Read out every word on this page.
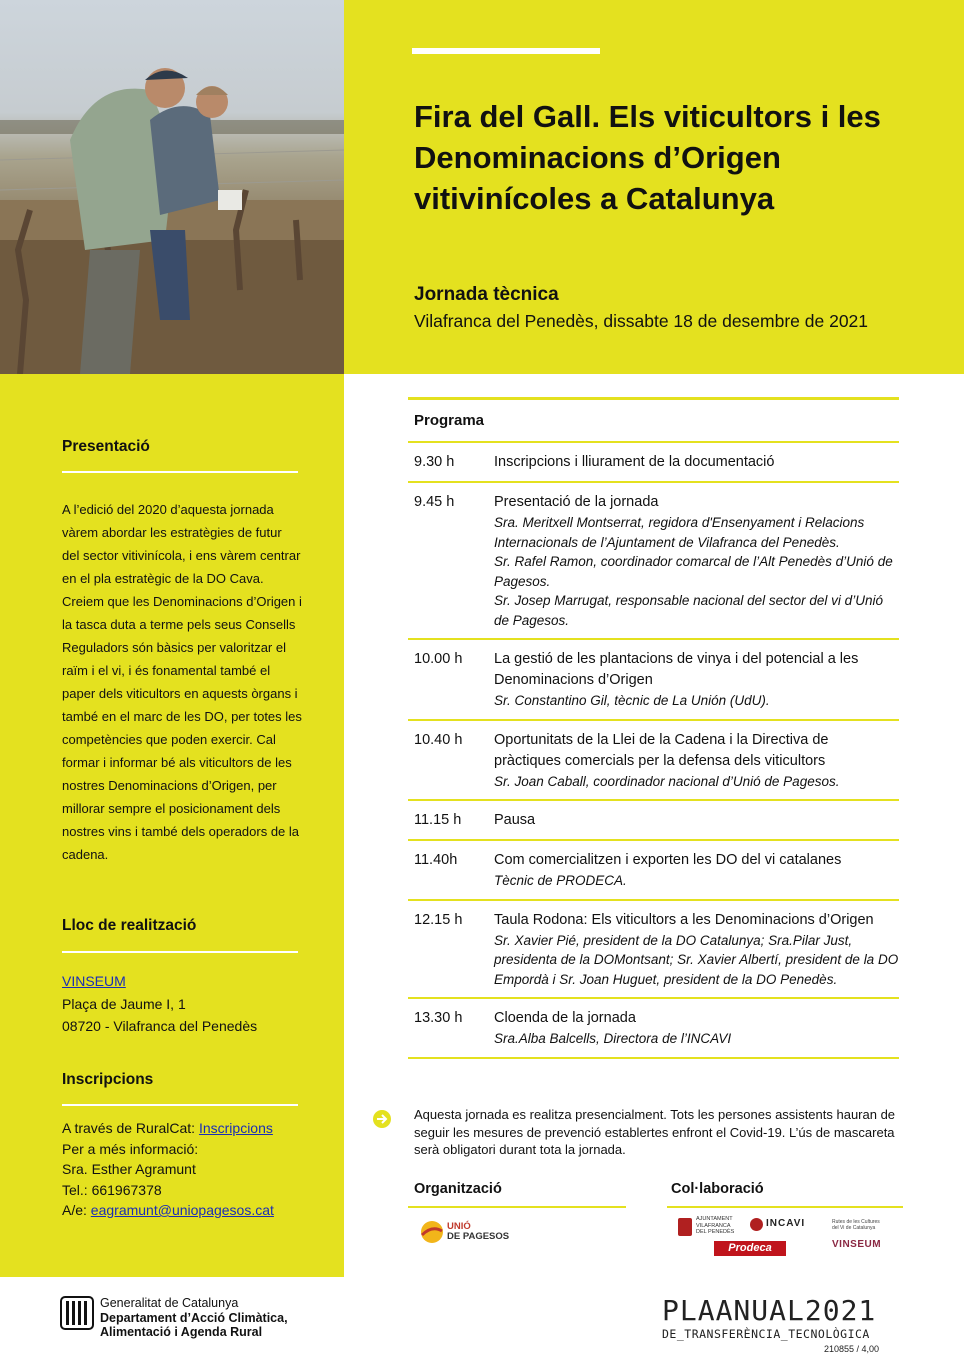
Fira del Gall. Els viticultors i les Denominacions d’Origen vitivinícoles a Catalunya
Jornada tècnica
Vilafranca del Penedès, dissabte 18 de desembre de 2021
Presentació
A l’edició del 2020 d’aquesta jornada vàrem abordar les estratègies de futur del sector vitivinícola, i ens vàrem centrar en el pla estratègic de la DO Cava. Creiem que les Denominacions d’Origen i la tasca duta a terme pels seus Consells Reguladors són bàsics per valoritzar el raïm i el vi, i és fonamental també el paper dels viticultors en aquests òrgans i també en el marc de les DO, per totes les competències que poden exercir. Cal formar i informar bé als viticultors de les nostres Denominacions d’Origen, per millorar sempre el posicionament dels nostres vins i també dels operadors de la cadena.
Lloc de realització
VINSEUM
Plaça de Jaume I, 1
08720 - Vilafranca del Penedès
Inscripcions
A través de RuralCat: Inscripcions
Per a més informació:
Sra. Esther Agramunt
Tel.: 661967378
A/e: eagramunt@uniopagesos.cat
Programa
9.30 h	Inscripcions i lliurament de la documentació
9.45 h	Presentació de la jornada
Sra. Meritxell Montserrat, regidora d'Ensenyament i Relacions Internacionals de l’Ajuntament de Vilafranca del Penedès.
Sr. Rafel Ramon, coordinador comarcal de l’Alt Penedès d’Unió de Pagesos.
Sr. Josep Marrugat, responsable nacional del sector del vi d’Unió de Pagesos.
10.00 h	La gestió de les plantacions de vinya i del potencial a les Denominacions d’Origen
Sr. Constantino Gil, tècnic de La Unión (UdU).
10.40 h	Oportunitats de la Llei de la Cadena i la Directiva de pràctiques comercials per la defensa dels viticultors
Sr. Joan Caball, coordinador nacional d’Unió de Pagesos.
11.15 h	Pausa
11.40h	Com comercialitzen i exporten les DO del vi catalanes
Tècnic de PRODECA.
12.15 h	Taula Rodona: Els viticultors a les Denominacions d’Origen
Sr. Xavier Pié, president de la DO Catalunya; Sra.Pilar Just, presidenta de la DOMontsant; Sr. Xavier Albertí, president de la DO Empordà i Sr. Joan Huguet, president de la DO Penedès.
13.30 h	Cloenda de la jornada
Sra.Alba Balcells, Directora de l’INCAVI
Aquesta jornada es realitza presencialment. Tots les persones assistents hauran de seguir les mesures de prevenció establertes enfront el Covid-19. L’ús de mascareta serà obligatori durant tota la jornada.
Organització	Col·laboració
UNIÓ
DE PAGESOS
AJUNTAMENT
VILAFRANCA
DEL PENEDÈS
INCAVI	Rutes de les Cultures
del Vi de Catalunya
Prodeca	VINSEUM
Generalitat de Catalunya
Departament d’Acció Climàtica,
Alimentació i Agenda Rural
PLAANUAL2021
DE_TRANSFERÈNCIA_TECNOLÒGICA
210855 / 4,00
